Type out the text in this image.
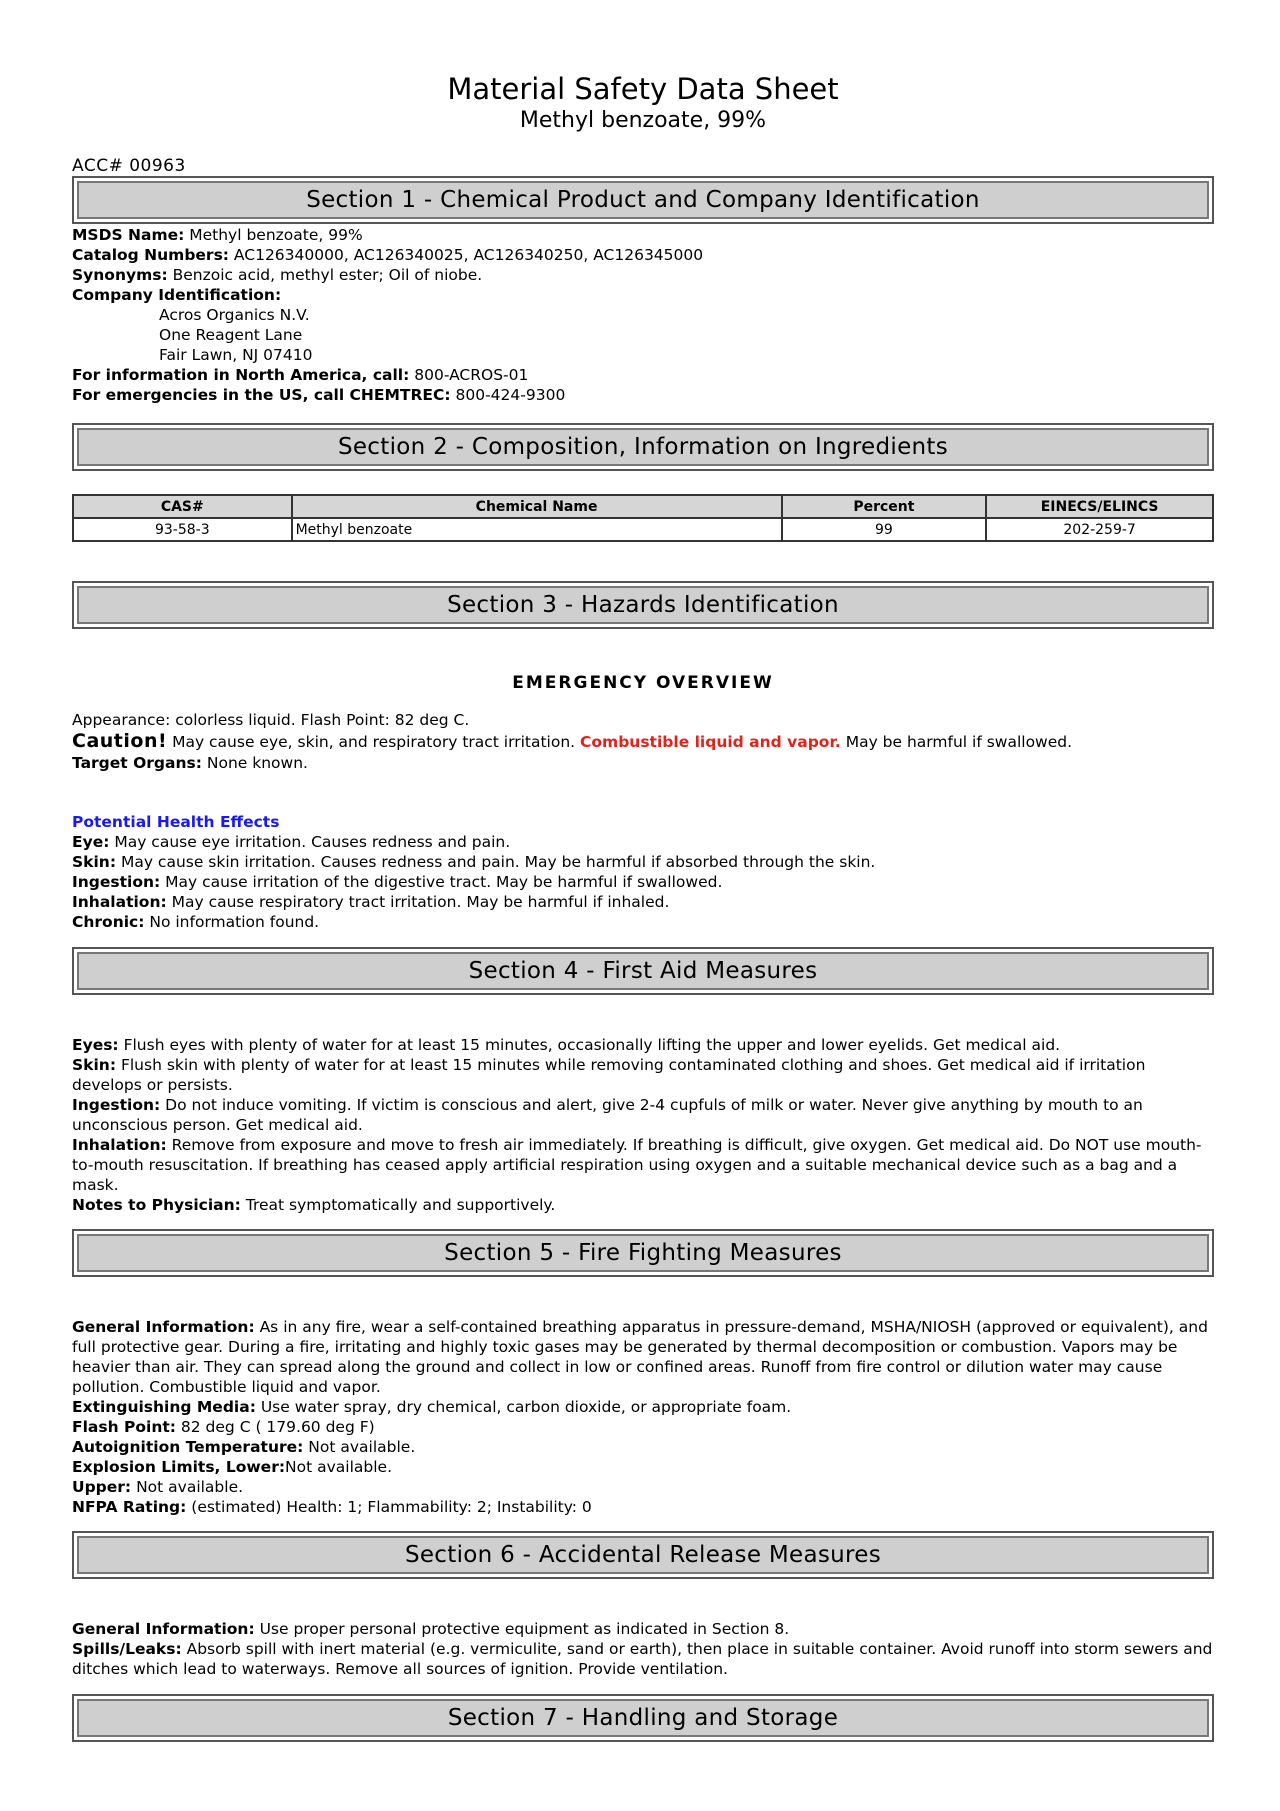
Material Safety Data Sheet
Methyl benzoate, 99%
ACC# 00963
Section 1 - Chemical Product and Company Identification
MSDS Name: Methyl benzoate, 99%
Catalog Numbers: AC126340000, AC126340025, AC126340250, AC126345000
Synonyms: Benzoic acid, methyl ester; Oil of niobe.
Company Identification:
Acros Organics N.V.
One Reagent Lane
Fair Lawn, NJ 07410
For information in North America, call: 800-ACROS-01
For emergencies in the US, call CHEMTREC: 800-424-9300
Section 2 - Composition, Information on Ingredients
CAS#	Chemical Name	Percent	EINECS/ELINCS
93-58-3	Methyl benzoate	99	202-259-7
Section 3 - Hazards Identification
EMERGENCY OVERVIEW
Appearance: colorless liquid. Flash Point: 82 deg C.
Caution! May cause eye, skin, and respiratory tract irritation. Combustible liquid and vapor. May be harmful if swallowed.
Target Organs: None known.
Potential Health Effects
Eye: May cause eye irritation. Causes redness and pain.
Skin: May cause skin irritation. Causes redness and pain. May be harmful if absorbed through the skin.
Ingestion: May cause irritation of the digestive tract. May be harmful if swallowed.
Inhalation: May cause respiratory tract irritation. May be harmful if inhaled.
Chronic: No information found.
Section 4 - First Aid Measures
Eyes: Flush eyes with plenty of water for at least 15 minutes, occasionally lifting the upper and lower eyelids. Get medical aid.
Skin: Flush skin with plenty of water for at least 15 minutes while removing contaminated clothing and shoes. Get medical aid if irritation develops or persists.
Ingestion: Do not induce vomiting. If victim is conscious and alert, give 2-4 cupfuls of milk or water. Never give anything by mouth to an unconscious person. Get medical aid.
Inhalation: Remove from exposure and move to fresh air immediately. If breathing is difficult, give oxygen. Get medical aid. Do NOT use mouth-to-mouth resuscitation. If breathing has ceased apply artificial respiration using oxygen and a suitable mechanical device such as a bag and a mask.
Notes to Physician: Treat symptomatically and supportively.
Section 5 - Fire Fighting Measures
General Information: As in any fire, wear a self-contained breathing apparatus in pressure-demand, MSHA/NIOSH (approved or equivalent), and full protective gear. During a fire, irritating and highly toxic gases may be generated by thermal decomposition or combustion. Vapors may be heavier than air. They can spread along the ground and collect in low or confined areas. Runoff from fire control or dilution water may cause pollution. Combustible liquid and vapor.
Extinguishing Media: Use water spray, dry chemical, carbon dioxide, or appropriate foam.
Flash Point: 82 deg C ( 179.60 deg F)
Autoignition Temperature: Not available.
Explosion Limits, Lower:Not available.
Upper: Not available.
NFPA Rating: (estimated) Health: 1; Flammability: 2; Instability: 0
Section 6 - Accidental Release Measures
General Information: Use proper personal protective equipment as indicated in Section 8.
Spills/Leaks: Absorb spill with inert material (e.g. vermiculite, sand or earth), then place in suitable container. Avoid runoff into storm sewers and ditches which lead to waterways. Remove all sources of ignition. Provide ventilation.
Section 7 - Handling and Storage
